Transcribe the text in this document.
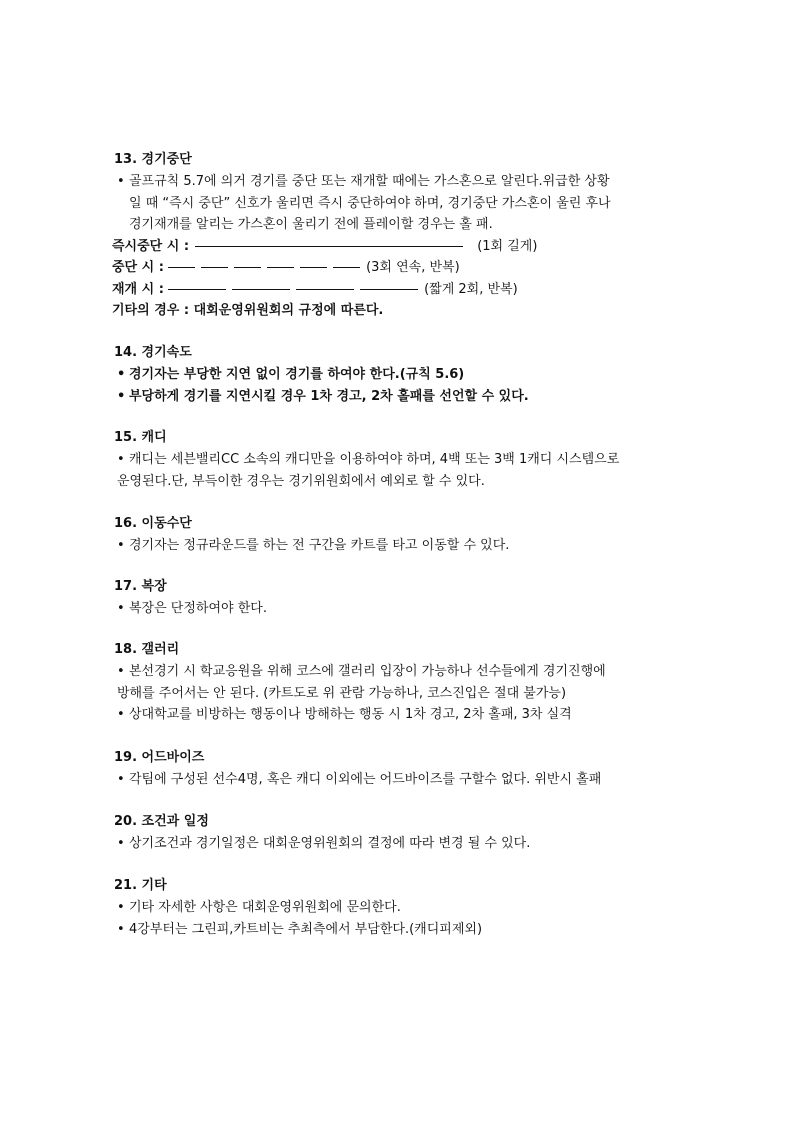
13. 경기중단
• 골프규칙 5.7에 의거 경기를 중단 또는 재개할 때에는 가스혼으로 알린다.위급한 상황
일 때 “즉시 중단” 신호가 울리면 즉시 중단하여야 하며, 경기중단 가스혼이 울린 후나
경기재개를 알리는 가스혼이 울리기 전에 플레이할 경우는 홀 패.
즉시중단 시 :	(1회 길게)
중단 시 :	(3회 연속, 반복)
재개 시 :	(짧게 2회, 반복)
기타의 경우 : 대회운영위원회의 규정에 따른다.
14. 경기속도
• 경기자는 부당한 지연 없이 경기를 하여야 한다.(규칙 5.6)
• 부당하게 경기를 지연시킬 경우 1차 경고, 2차 홀패를 선언할 수 있다.
15. 캐디
• 캐디는 세븐밸리CC 소속의 캐디만을 이용하여야 하며, 4백 또는 3백 1캐디 시스템으로
운영된다.단, 부득이한 경우는 경기위원회에서 예외로 할 수 있다.
16. 이동수단
• 경기자는 정규라운드를 하는 전 구간을 카트를 타고 이동할 수 있다.
17. 복장
• 복장은 단정하여야 한다.
18. 갤러리
• 본선경기 시 학교응원을 위해 코스에 갤러리 입장이 가능하나 선수들에게 경기진행에
방해를 주어서는 안 된다. (카트도로 위 관람 가능하나, 코스진입은 절대 불가능)
• 상대학교를 비방하는 행동이나 방해하는 행동 시 1차 경고, 2차 홀패, 3차 실격
19. 어드바이즈
• 각팀에 구성된 선수4명, 혹은 캐디 이외에는 어드바이즈를 구할수 없다. 위반시 홀패
20. 조건과 일정
• 상기조건과 경기일정은 대회운영위원회의 결정에 따라 변경 될 수 있다.
21. 기타
• 기타 자세한 사항은 대회운영위원회에 문의한다.
• 4강부터는 그린피,카트비는 추최측에서 부담한다.(캐디피제외)
